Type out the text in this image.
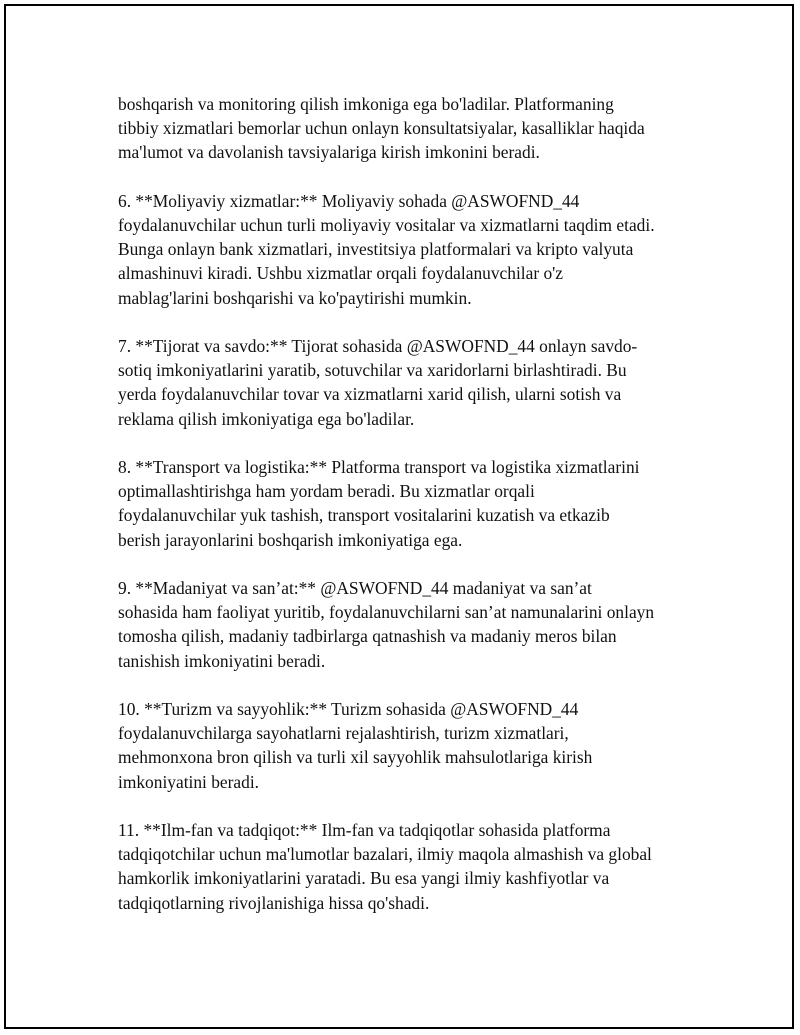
boshqarish va monitoring qilish imkoniga ega bo'ladilar. Platformaning
tibbiy xizmatlari bemorlar uchun onlayn konsultatsiyalar, kasalliklar haqida
ma'lumot va davolanish tavsiyalariga kirish imkonini beradi.

6. **Moliyaviy xizmatlar:** Moliyaviy sohada @ASWOFND_44
foydalanuvchilar uchun turli moliyaviy vositalar va xizmatlarni taqdim etadi.
Bunga onlayn bank xizmatlari, investitsiya platformalari va kripto valyuta
almashinuvi kiradi. Ushbu xizmatlar orqali foydalanuvchilar o'z
mablag'larini boshqarishi va ko'paytirishi mumkin.

7. **Tijorat va savdo:** Tijorat sohasida @ASWOFND_44 onlayn savdo-
sotiq imkoniyatlarini yaratib, sotuvchilar va xaridorlarni birlashtiradi. Bu
yerda foydalanuvchilar tovar va xizmatlarni xarid qilish, ularni sotish va
reklama qilish imkoniyatiga ega bo'ladilar.

8. **Transport va logistika:** Platforma transport va logistika xizmatlarini
optimallashtirishga ham yordam beradi. Bu xizmatlar orqali
foydalanuvchilar yuk tashish, transport vositalarini kuzatish va etkazib
berish jarayonlarini boshqarish imkoniyatiga ega.

9. **Madaniyat va san’at:** @ASWOFND_44 madaniyat va san’at
sohasida ham faoliyat yuritib, foydalanuvchilarni san’at namunalarini onlayn
tomosha qilish, madaniy tadbirlarga qatnashish va madaniy meros bilan
tanishish imkoniyatini beradi.

10. **Turizm va sayyohlik:** Turizm sohasida @ASWOFND_44
foydalanuvchilarga sayohatlarni rejalashtirish, turizm xizmatlari,
mehmonxona bron qilish va turli xil sayyohlik mahsulotlariga kirish
imkoniyatini beradi.

11. **Ilm-fan va tadqiqot:** Ilm-fan va tadqiqotlar sohasida platforma
tadqiqotchilar uchun ma'lumotlar bazalari, ilmiy maqola almashish va global
hamkorlik imkoniyatlarini yaratadi. Bu esa yangi ilmiy kashfiyotlar va
tadqiqotlarning rivojlanishiga hissa qo'shadi.
